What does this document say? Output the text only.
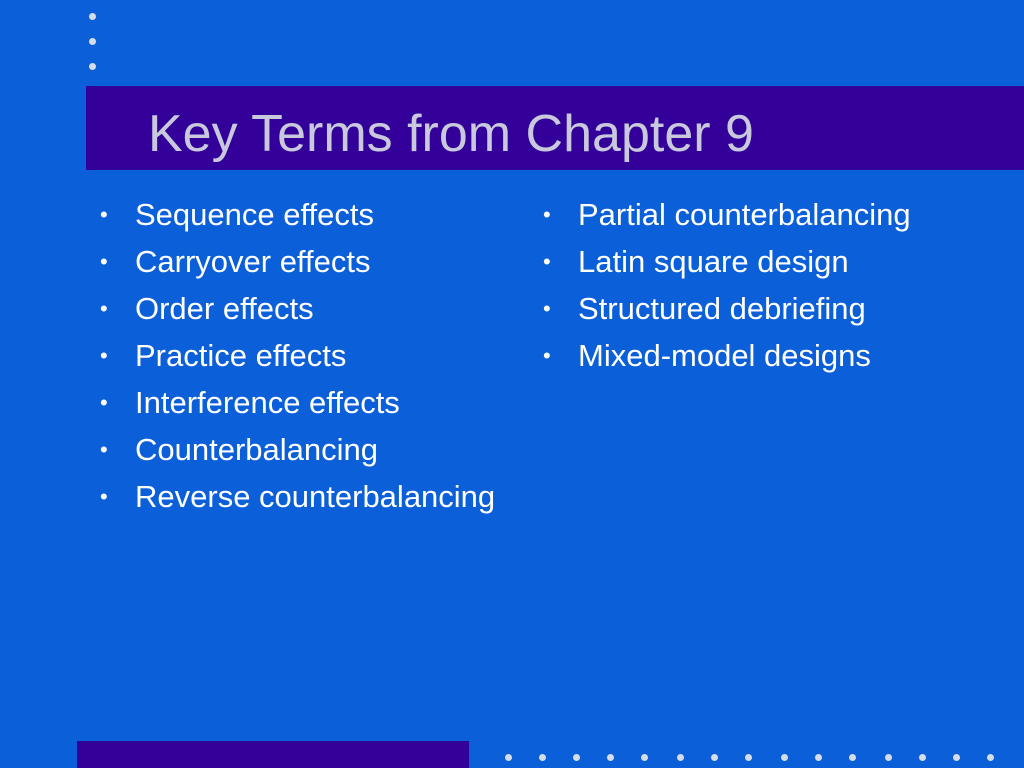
Key Terms from Chapter 9
• Sequence effects
• Carryover effects
• Order effects
• Practice effects
• Interference effects
• Counterbalancing
• Reverse counterbalancing
• Partial counterbalancing
• Latin square design
• Structured debriefing
• Mixed-model designs
